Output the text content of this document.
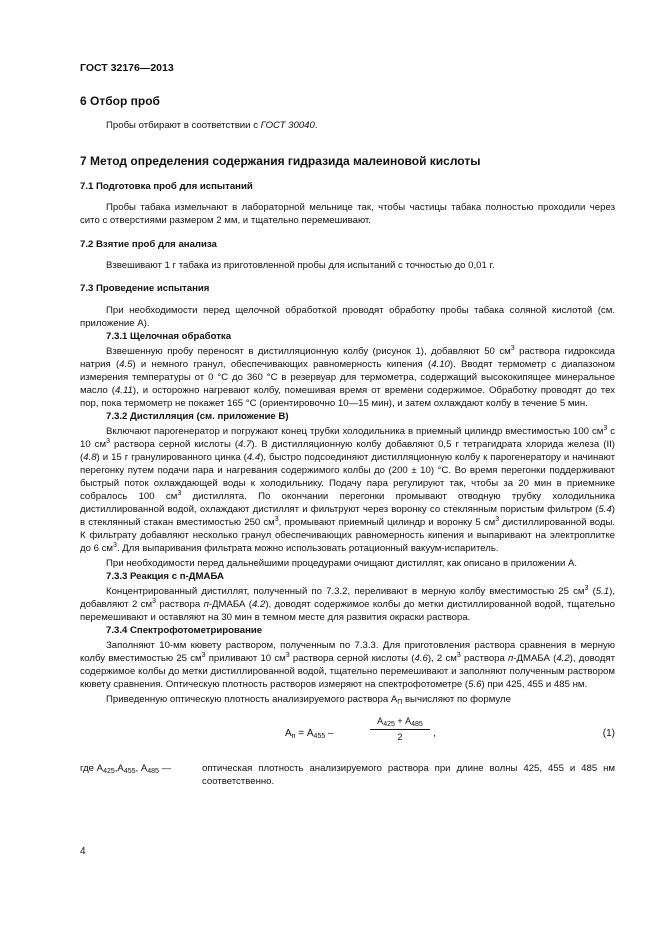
ГОСТ 32176—2013
6 Отбор проб

Пробы отбирают в соответствии с ГОСТ 30040.

7 Метод определения содержания гидразида малеиновой кислоты
7.1 Подготовка проб для испытаний

Пробы табака измельчают в лабораторной мельнице так, чтобы частицы табака полностью проходили через сито с отверстиями размером 2 мм, и тщательно перемешивают.

7.2 Взятие проб для анализа

Взвешивают 1 г табака из приготовленной пробы для испытаний с точностью до 0,01 г.

7.3 Проведение испытания

При необходимости перед щелочной обработкой проводят обработку пробы табака соляной кислотой (см. приложение А).

7.3.1 Щелочная обработка

Взвешенную пробу переносят в дистилляционную колбу (рисунок 1), добавляют 50 $см^3$ раствора гидроксида натрия (4.5) и немного гранул, обеспечивающих равномерность кипения (4.10). Вводят термометр с диапазоном измерения температуры от 0 °С до 360 °С в резервуар для термометра, содержащий высококипящее минеральное масло (4.11), и осторожно нагревают колбу, помешивая время от времени содержимое. Обработку проводят до тех пор, пока термометр не покажет 165 °С (ориентировочно 10—15 мин), и затем охлаждают колбу в течение 5 мин.

7.3.2 Дистилляция (см. приложение В)

Включают парогенератор и погружают конец трубки холодильника в приемный цилиндр вместимостью 100 $см^3$ с 10 $см^3$ раствора серной кислоты (4.7). В дистилляционную колбу добавляют 0,5 г тетрагидрата хлорида железа (II) (4.8) и 15 г гранулированного цинка (4.4), быстро подсоединяют дистилляционную колбу к парогенератору и начинают перегонку путем подачи пара и нагревания содержимого колбы до (200 ± 10) °С. Во время перегонки поддерживают быстрый поток охлаждающей воды к холодильнику. Подачу пара регулируют так, чтобы за 20 мин в приемнике собралось 100 $см^3$ дистиллята. По окончании перегонки промывают отводную трубку холодильника дистиллированной водой, охлаждают дистиллят и фильтруют через воронку со стеклянным пористым фильтром (5.4) в стеклянный стакан вместимостью 250 $см^3$, промывают приемный цилиндр и воронку 5 $см^3$ дистиллированной воды. К фильтрату добавляют несколько гранул обеспечивающих равномерность кипения и выпаривают на электроплитке до 6 $см^3$. Для выпаривания фильтрата можно использовать ротационный вакуум-испаритель.

При необходимости перед дальнейшими процедурами очищают дистиллят, как описано в приложении А.

7.3.3 Реакция с п-ДМАБА

Концентрированный дистиллят, полученный по 7.3.2, переливают в мерную колбу вместимостью 25 $см^3$ (5.1), добавляют 2 $см^3$ раствора п-ДМАБА (4.2), доводят содержимое колбы до метки дистиллированной водой, тщательно перемешивают и оставляют на 30 мин в темном месте для развития окраски раствора.

7.3.4 Спектрофотометрирование

Заполняют 10-мм кювету раствором, полученным по 7.3.3. Для приготовления раствора сравнения в мерную колбу вместимостью 25 $см^3$ приливают 10 $см^3$ раствора серной кислоты (4.6), 2 $см^3$ раствора п-ДМАБА (4.2), доводят содержимое колбы до метки дистиллированной водой, тщательно перемешивают и заполняют полученным раствором кювету сравнения. Оптическую плотность растворов измеряют на спектрофотометре (5.6) при 425, 455 и 485 нм.

Приведенную оптическую плотность анализируемого раствора $А_П$ вычисляют по формуле

$А_п = А_{455}$ –
$А_{425} + А_{485}$
2	,	(1)
где $А_{425},А_{455}$, $А_{485}$ —	оптическая плотность анализируемого раствора при длине волны 425, 455 и 485 нм соответственно.
4
